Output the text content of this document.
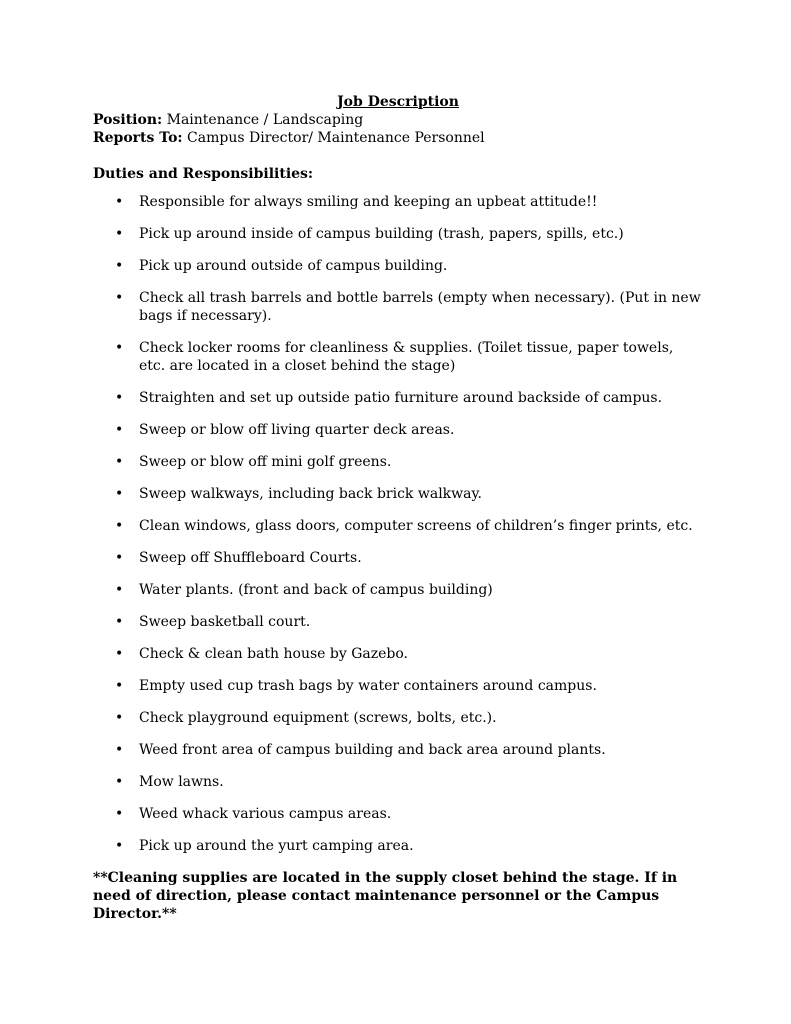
Job Description

Position: Maintenance / Landscaping

Reports To: Campus Director/ Maintenance Personnel

Duties and Responsibilities:

• Responsible for always smiling and keeping an upbeat attitude!!
• Pick up around inside of campus building (trash, papers, spills, etc.)
• Pick up around outside of campus building.
• Check all trash barrels and bottle barrels (empty when necessary). (Put in new bags if necessary).
• Check locker rooms for cleanliness & supplies. (Toilet tissue, paper towels, etc. are located in a closet behind the stage)
• Straighten and set up outside patio furniture around backside of campus.
• Sweep or blow off living quarter deck areas.
• Sweep or blow off mini golf greens.
• Sweep walkways, including back brick walkway.
• Clean windows, glass doors, computer screens of children’s finger prints, etc.
• Sweep off Shuffleboard Courts.
• Water plants. (front and back of campus building)
• Sweep basketball court.
• Check & clean bath house by Gazebo.
• Empty used cup trash bags by water containers around campus.
• Check playground equipment (screws, bolts, etc.).
• Weed front area of campus building and back area around plants.
• Mow lawns.
• Weed whack various campus areas.
• Pick up around the yurt camping area.

**Cleaning supplies are located in the supply closet behind the stage. If in need of direction, please contact maintenance personnel or the Campus Director.**
